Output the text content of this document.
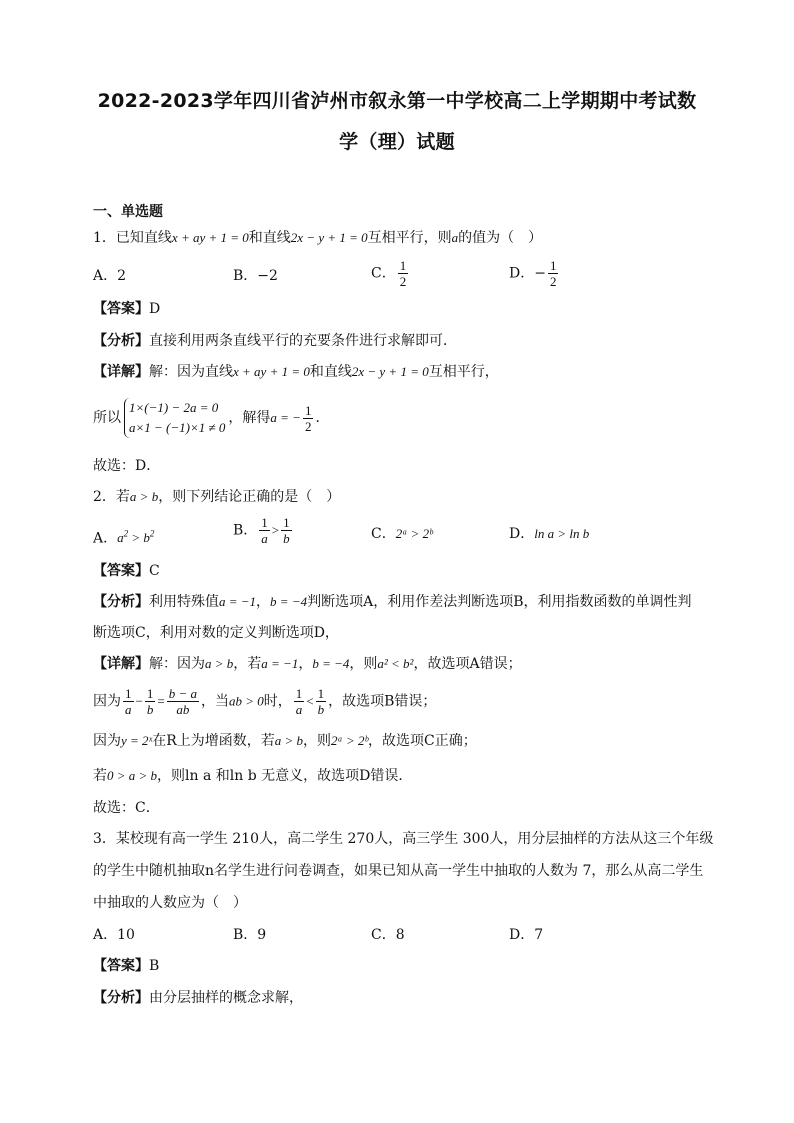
2022-2023学年四川省泸州市叙永第一中学校高二上学期期中考试数
学（理）试题
一、单选题
1．已知直线x + ay + 1 = 0和直线2x − y + 1 = 0互相平行，则a的值为（　）
A．2	B．−2	C． $\frac{1}{2}$	D．− $\frac{1}{2}$
【答案】D
【分析】直接利用两条直线平行的充要条件进行求解即可．
【详解】解：因为直线x + ay + 1 = 0和直线2x − y + 1 = 0互相平行，
所以
1×(−1) − 2a = 0
a×1 − (−1)×1 ≠ 0
，解得a = − $\frac{1}{2}$ ．
故选：D．
2．若a > b，则下列结论正确的是（　）
A．$a^2 > b^2$	B． $\frac{1}{a} > \frac{1}{b}$	C．2ᵃ > 2ᵇ	D．ln a > ln b
【答案】C
【分析】利用特殊值a = −1，b = −4判断选项A，利用作差法判断选项B，利用指数函数的单调性判
断选项C，利用对数的定义判断选项D，
【详解】解：因为a > b，若a = −1，b = −4，则a² < b²，故选项A错误；
因为 $\frac{1}{a} - \frac{1}{b} = \frac{b - a}{ab}$ ，当ab > 0时， $\frac{1}{a} < \frac{1}{b}$ ，故选项B错误；
因为y = 2ˣ在R上为增函数，若a > b，则2ᵃ > 2ᵇ，故选项C正确；
若0 > a > b，则ln a 和ln b 无意义，故选项D错误．
故选：C．
3．某校现有高一学生 210人，高二学生 270人，高三学生 300人，用分层抽样的方法从这三个年级
的学生中随机抽取n名学生进行问卷调查，如果已知从高一学生中抽取的人数为 7，那么从高二学生
中抽取的人数应为（　）
A．10	B．9	C．8	D．7
【答案】B
【分析】由分层抽样的概念求解，
